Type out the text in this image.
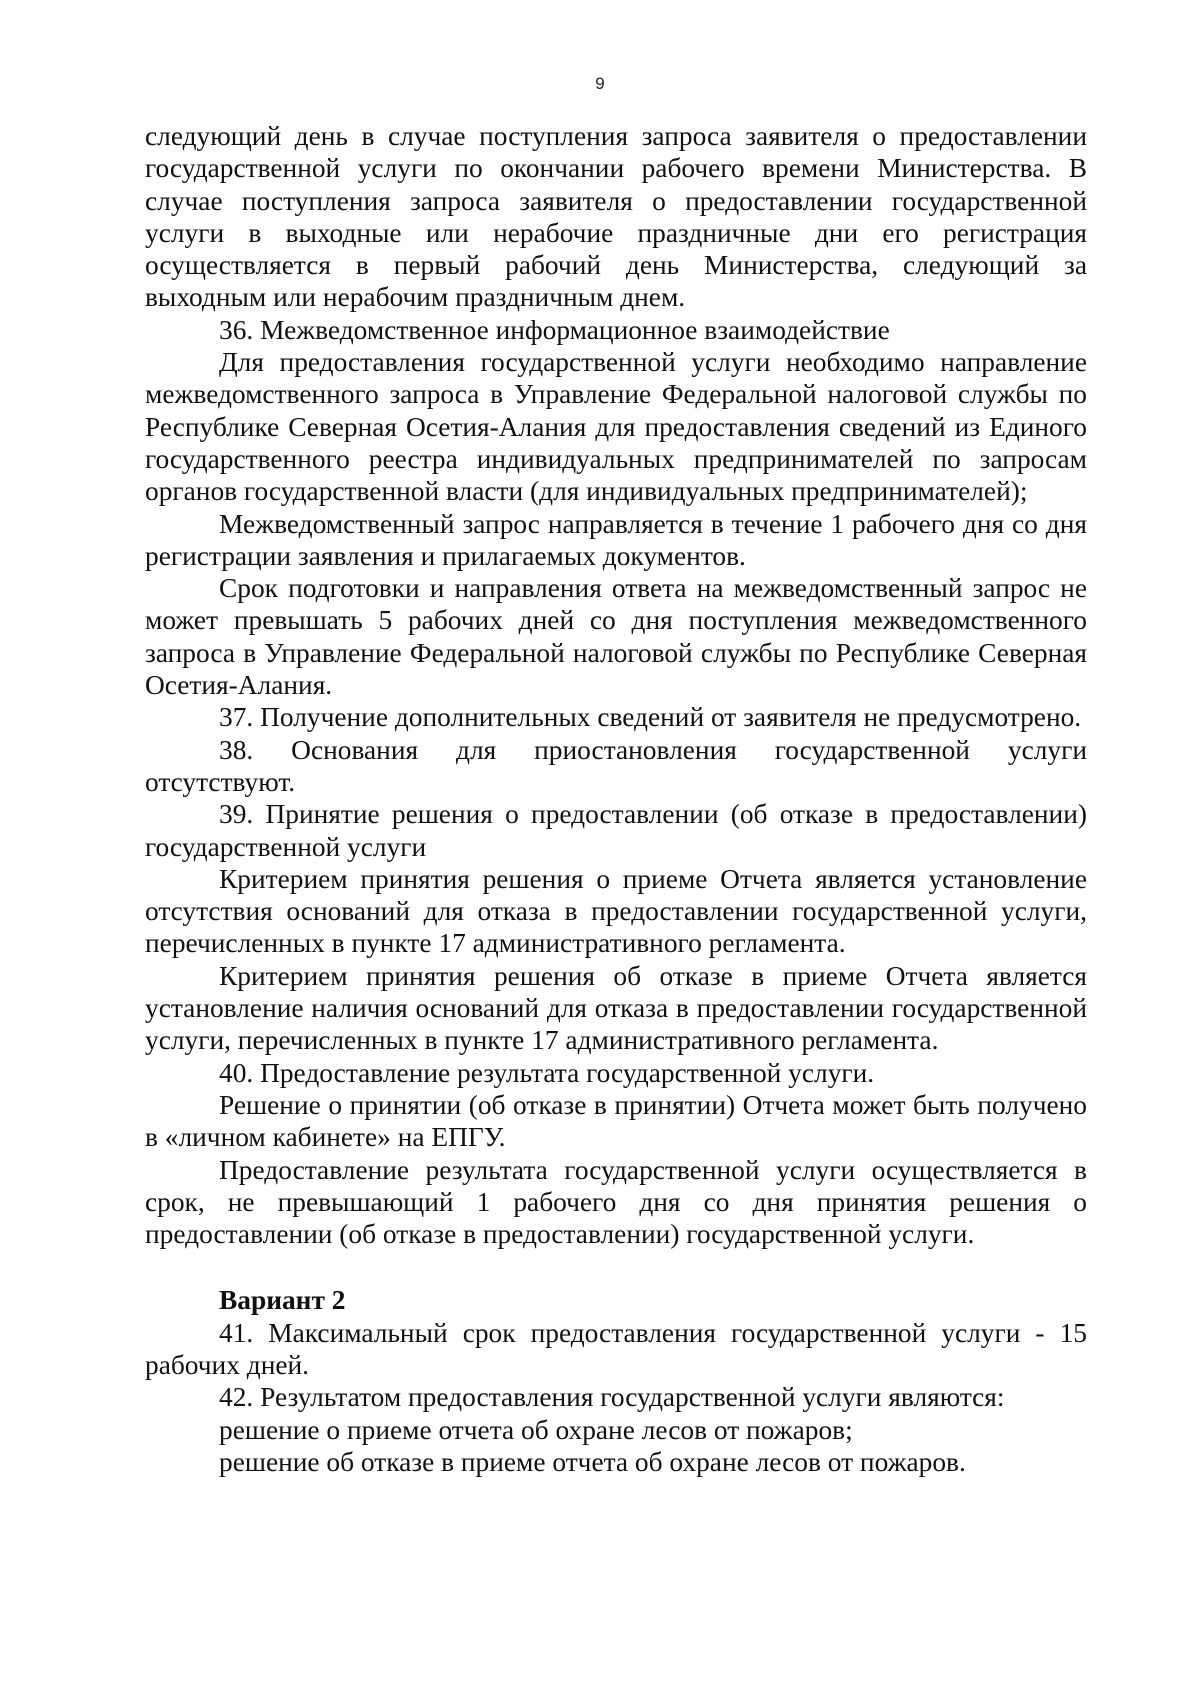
9

следующий день в случае поступления запроса заявителя о предоставлении государственной услуги по окончании рабочего времени Министерства. В случае поступления запроса заявителя о предоставлении государственной услуги в выходные или нерабочие праздничные дни его регистрация осуществляется в первый рабочий день Министерства, следующий за выходным или нерабочим праздничным днем.

36. Межведомственное информационное взаимодействие

Для предоставления государственной услуги необходимо направление межведомственного запроса в Управление Федеральной налоговой службы по Республике Северная Осетия-Алания для предоставления сведений из Единого государственного реестра индивидуальных предпринимателей по запросам органов государственной власти (для индивидуальных предпринимателей);

Межведомственный запрос направляется в течение 1 рабочего дня со дня регистрации заявления и прилагаемых документов.

Срок подготовки и направления ответа на межведомственный запрос не может превышать 5 рабочих дней со дня поступления межведомственного запроса в Управление Федеральной налоговой службы по Республике Северная Осетия-Алания.

37. Получение дополнительных сведений от заявителя не предусмотрено.

38. Основания для приостановления государственной услуги отсутствуют.

39. Принятие решения о предоставлении (об отказе в предоставлении) государственной услуги

Критерием принятия решения о приеме Отчета является установление отсутствия оснований для отказа в предоставлении государственной услуги, перечисленных в пункте 17 административного регламента.

Критерием принятия решения об отказе в приеме Отчета является установление наличия оснований для отказа в предоставлении государственной услуги, перечисленных в пункте 17 административного регламента.

40. Предоставление результата государственной услуги.

Решение о принятии (об отказе в принятии) Отчета может быть получено в «личном кабинете» на ЕПГУ.

Предоставление результата государственной услуги осуществляется в срок, не превышающий 1 рабочего дня со дня принятия решения о предоставлении (об отказе в предоставлении) государственной услуги.

Вариант 2

41. Максимальный срок предоставления государственной услуги - 15 рабочих дней.

42. Результатом предоставления государственной услуги являются:

решение о приеме отчета об охране лесов от пожаров;

решение об отказе в приеме отчета об охране лесов от пожаров.
